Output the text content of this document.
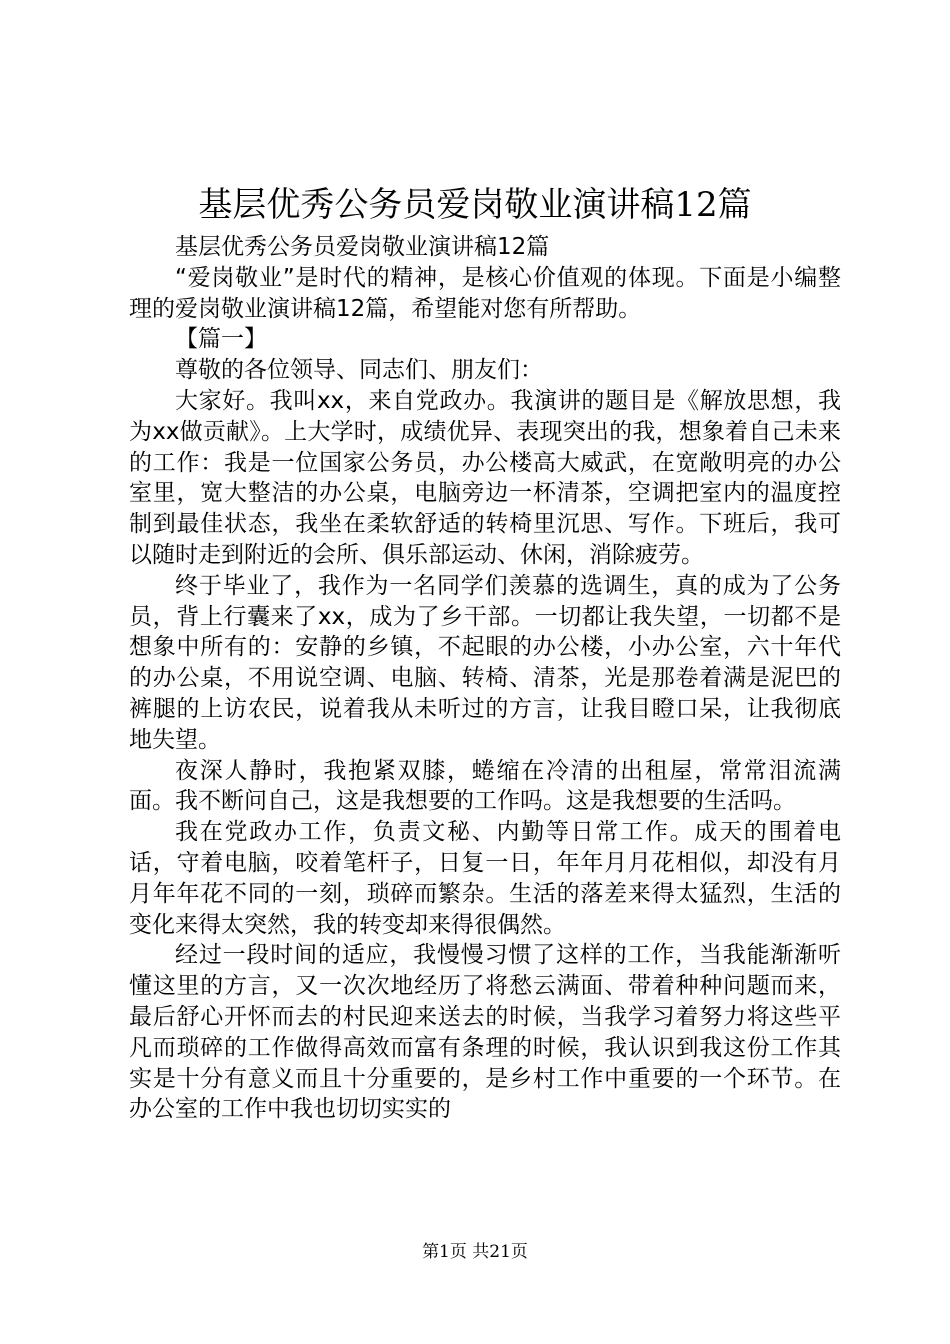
基层优秀公务员爱岗敬业演讲稿12篇

基层优秀公务员爱岗敬业演讲稿12篇

“爱岗敬业”是时代的精神，是核心价值观的体现。下面是小编整理的爱岗敬业演讲稿12篇，希望能对您有所帮助。

【篇一】

尊敬的各位领导、同志们、朋友们：

大家好。我叫xx，来自党政办。我演讲的题目是《解放思想，我为xx做贡献》。上大学时，成绩优异、表现突出的我，想象着自己未来的工作：我是一位国家公务员，办公楼高大威武，在宽敞明亮的办公室里，宽大整洁的办公桌，电脑旁边一杯清茶，空调把室内的温度控制到最佳状态，我坐在柔软舒适的转椅里沉思、写作。下班后，我可以随时走到附近的会所、俱乐部运动、休闲，消除疲劳。

终于毕业了，我作为一名同学们羡慕的选调生，真的成为了公务员，背上行囊来了xx，成为了乡干部。一切都让我失望，一切都不是想象中所有的：安静的乡镇，不起眼的办公楼，小办公室，六十年代的办公桌，不用说空调、电脑、转椅、清茶，光是那卷着满是泥巴的裤腿的上访农民，说着我从未听过的方言，让我目瞪口呆，让我彻底地失望。

夜深人静时，我抱紧双膝，蜷缩在冷清的出租屋，常常泪流满面。我不断问自己，这是我想要的工作吗。这是我想要的生活吗。

我在党政办工作，负责文秘、内勤等日常工作。成天的围着电话，守着电脑，咬着笔杆子，日复一日，年年月月花相似，却没有月月年年花不同的一刻，琐碎而繁杂。生活的落差来得太猛烈，生活的变化来得太突然，我的转变却来得很偶然。

经过一段时间的适应，我慢慢习惯了这样的工作，当我能渐渐听懂这里的方言，又一次次地经历了将愁云满面、带着种种问题而来，最后舒心开怀而去的村民迎来送去的时候，当我学习着努力将这些平凡而琐碎的工作做得高效而富有条理的时候，我认识到我这份工作其实是十分有意义而且十分重要的，是乡村工作中重要的一个环节。在办公室的工作中我也切切实实的

第1页 共21页
